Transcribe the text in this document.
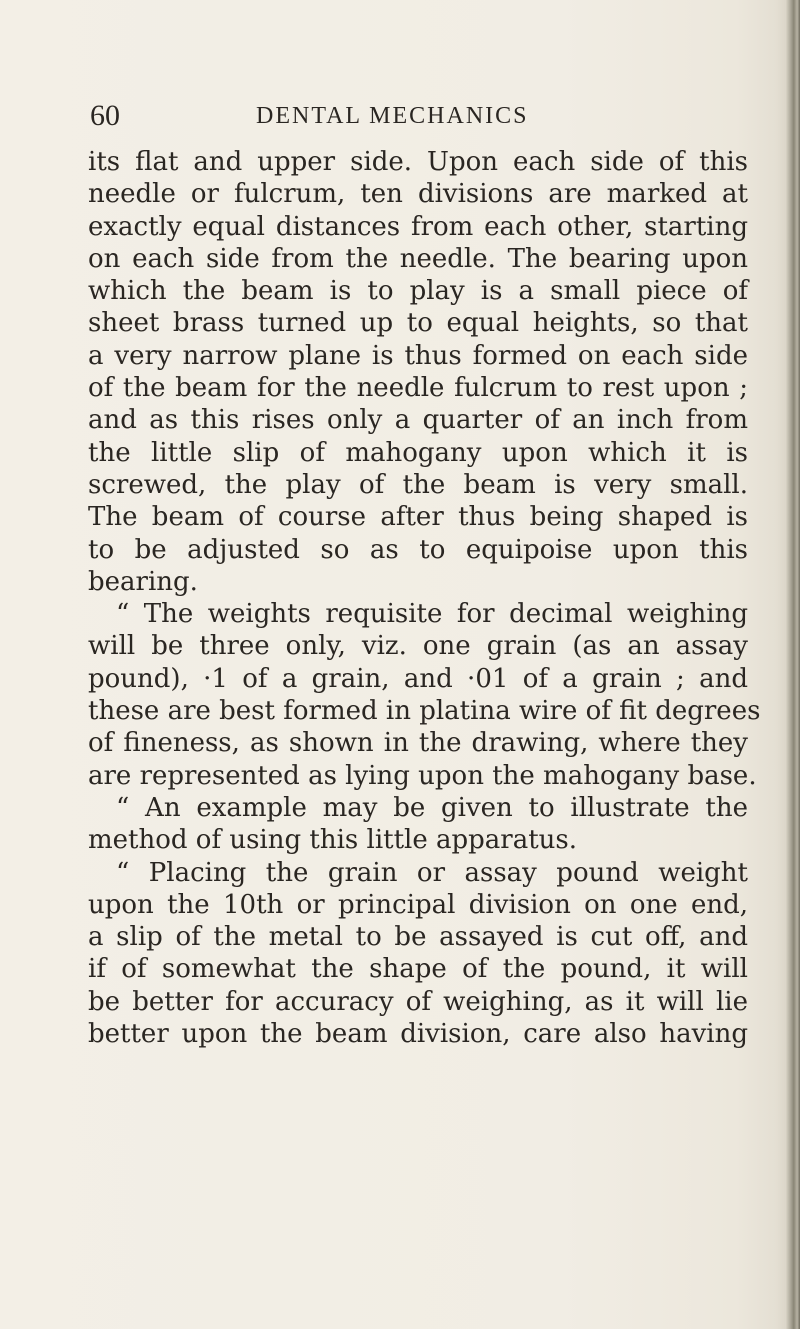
60	DENTAL MECHANICS
its flat and upper side. Upon each side of this
needle or fulcrum, ten divisions are marked at
exactly equal distances from each other, starting
on each side from the needle. The bearing upon
which the beam is to play is a small piece of
sheet brass turned up to equal heights, so that
a very narrow plane is thus formed on each side
of the beam for the needle fulcrum to rest upon ;
and as this rises only a quarter of an inch from
the little slip of mahogany upon which it is
screwed, the play of the beam is very small.
The beam of course after thus being shaped is
to be adjusted so as to equipoise upon this
bearing.
“ The weights requisite for decimal weighing
will be three only, viz. one grain (as an assay
pound), ·1 of a grain, and ·01 of a grain ; and
these are best formed in platina wire of fit degrees
of fineness, as shown in the drawing, where they
are represented as lying upon the mahogany base.
“ An example may be given to illustrate the
method of using this little apparatus.
“ Placing the grain or assay pound weight
upon the 10th or principal division on one end,
a slip of the metal to be assayed is cut off, and
if of somewhat the shape of the pound, it will
be better for accuracy of weighing, as it will lie
better upon the beam division, care also having
